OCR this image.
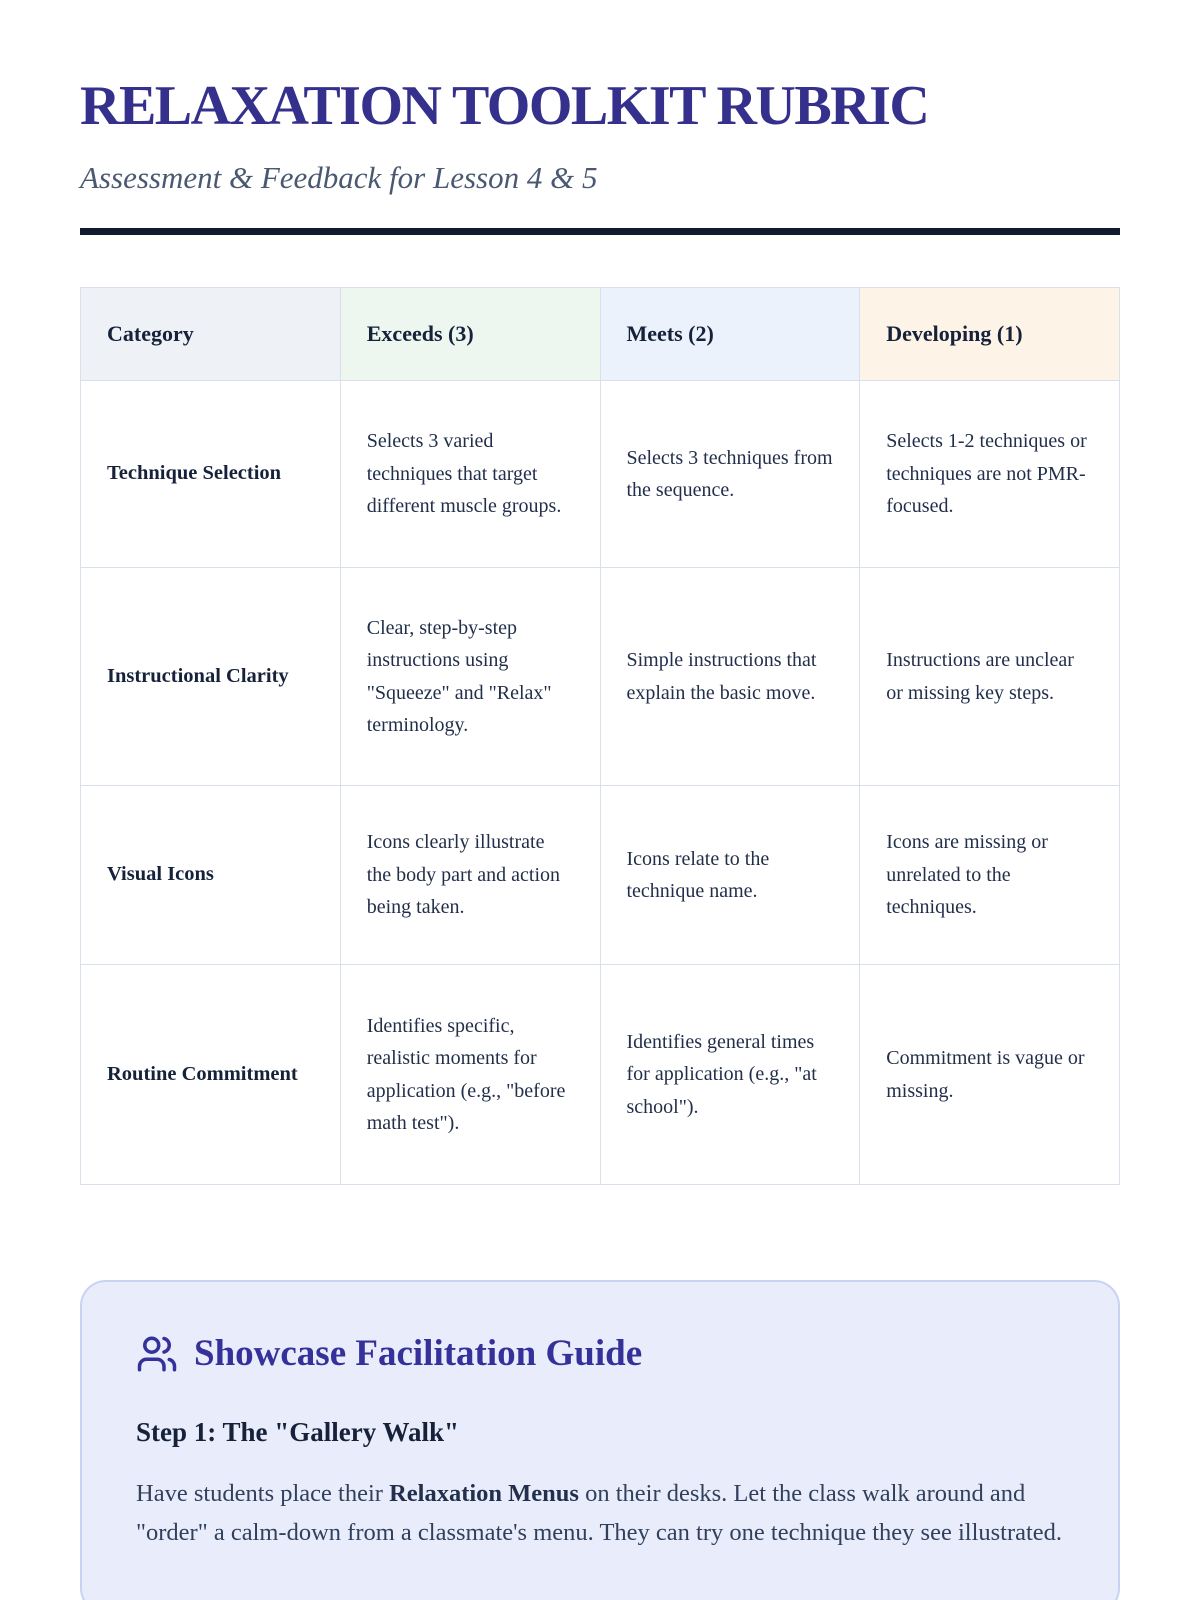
RELAXATION TOOLKIT RUBRIC

Assessment & Feedback for Lesson 4 & 5

Category	Exceeds (3)	Meets (2)	Developing (1)
Technique Selection	Selects 3 varied techniques that target different muscle groups.	Selects 3 techniques from the sequence.	Selects 1-2 techniques or techniques are not PMR-focused.
Instructional Clarity	Clear, step-by-step instructions using "Squeeze" and "Relax" terminology.	Simple instructions that explain the basic move.	Instructions are unclear or missing key steps.
Visual Icons	Icons clearly illustrate the body part and action being taken.	Icons relate to the technique name.	Icons are missing or unrelated to the techniques.
Routine Commitment	Identifies specific, realistic moments for application (e.g., "before math test").	Identifies general times for application (e.g., "at school").	Commitment is vague or missing.
Showcase Facilitation Guide
Step 1: The "Gallery Walk"

Have students place their Relaxation Menus on their desks. Let the class walk around and "order" a calm-down from a classmate's menu. They can try one technique they see illustrated.
